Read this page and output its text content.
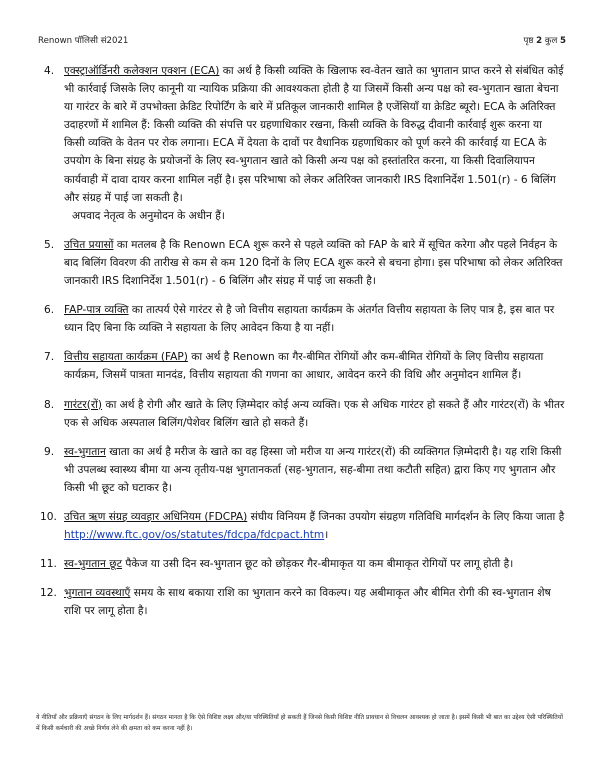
Renown पॉलिसी सं2021	पृष्ठ 2 कुल 5
4. एक्स्ट्राऑर्डिनरी कलेक्शन एक्शन (ECA) का अर्थ है किसी व्यक्ति के खिलाफ स्व-वेतन खाते का भुगतान प्राप्त करने से संबंधित कोई भी कार्रवाई जिसके लिए कानूनी या न्यायिक प्रक्रिया की आवश्यकता होती है या जिसमें किसी अन्य पक्ष को स्व-भुगतान खाता बेचना या गारंटर के बारे में उपभोक्ता क्रेडिट रिपोर्टिंग के बारे में प्रतिकूल जानकारी शामिल है एजेंसियाँ या क्रेडिट ब्यूरो। ECA के अतिरिक्त उदाहरणों में शामिल हैं: किसी व्यक्ति की संपत्ति पर ग्रहणाधिकार रखना, किसी व्यक्ति के विरुद्ध दीवानी कार्रवाई शुरू करना या किसी व्यक्ति के वेतन पर रोक लगाना। ECA में देयता के दावों पर वैधानिक ग्रहणाधिकार को पूर्ण करने की कार्रवाई या ECA के उपयोग के बिना संग्रह के प्रयोजनों के लिए स्व-भुगतान खाते को किसी अन्य पक्ष को हस्तांतरित करना, या किसी दिवालियापन कार्यवाही में दावा दायर करना शामिल नहीं है। इस परिभाषा को लेकर अतिरिक्त जानकारी IRS दिशानिर्देश 1.501(r) - 6 बिलिंग और संग्रह में पाई जा सकती है।
अपवाद नेतृत्व के अनुमोदन के अधीन हैं।
5. उचित प्रयासों का मतलब है कि Renown ECA शुरू करने से पहले व्यक्ति को FAP के बारे में सूचित करेगा और पहले निर्वहन के बाद बिलिंग विवरण की तारीख से कम से कम 120 दिनों के लिए ECA शुरू करने से बचना होगा। इस परिभाषा को लेकर अतिरिक्त जानकारी IRS दिशानिर्देश 1.501(r) - 6 बिलिंग और संग्रह में पाई जा सकती है।
6. FAP-पात्र व्यक्ति का तात्पर्य ऐसे गारंटर से है जो वित्तीय सहायता कार्यक्रम के अंतर्गत वित्तीय सहायता के लिए पात्र है, इस बात पर ध्यान दिए बिना कि व्यक्ति ने सहायता के लिए आवेदन किया है या नहीं।
7. वित्तीय सहायता कार्यक्रम (FAP) का अर्थ है Renown का गैर-बीमित रोगियों और कम-बीमित रोगियों के लिए वित्तीय सहायता कार्यक्रम, जिसमें पात्रता मानदंड, वित्तीय सहायता की गणना का आधार, आवेदन करने की विधि और अनुमोदन शामिल हैं।
8. गारंटर(रों) का अर्थ है रोगी और खाते के लिए ज़िम्मेदार कोई अन्य व्यक्ति। एक से अधिक गारंटर हो सकते हैं और गारंटर(रों) के भीतर एक से अधिक अस्पताल बिलिंग/पेशेवर बिलिंग खाते हो सकते हैं।
9. स्व-भुगतान खाता का अर्थ है मरीज के खाते का वह हिस्सा जो मरीज या अन्य गारंटर(रों) की व्यक्तिगत ज़िम्मेदारी है। यह राशि किसी भी उपलब्ध स्वास्थ्य बीमा या अन्य तृतीय-पक्ष भुगतानकर्ता (सह-भुगतान, सह-बीमा तथा कटौती सहित) द्वारा किए गए भुगतान और किसी भी छूट को घटाकर है।
10. उचित ऋण संग्रह व्यवहार अधिनियम (FDCPA) संघीय विनियम हैं जिनका उपयोग संग्रहण गतिविधि मार्गदर्शन के लिए किया जाता है http://www.ftc.gov/os/statutes/fdcpa/fdcpact.htm।
11. स्व-भुगतान छूट पैकेज या उसी दिन स्व-भुगतान छूट को छोड़कर गैर-बीमाकृत या कम बीमाकृत रोगियों पर लागू होती है।
12. भुगतान व्यवस्थाएँ समय के साथ बकाया राशि का भुगतान करने का विकल्प। यह अबीमाकृत और बीमित रोगी की स्व-भुगतान शेष राशि पर लागू होता है।
ये नीतियाँ और प्रक्रियाएँ संगठन के लिए मार्गदर्शन हैं। संगठन मानता है कि ऐसे विशिष्ट लक्ष्य और/या परिस्थितियाँ हो सकती हैं जिनसे किसी विशिष्ट नीति प्रावधान से विचलन आवश्यक हो जाता है। इसमें किसी भी बात का उद्देश्य ऐसी परिस्थितियों में किसी कर्मचारी की अच्छे निर्णय लेने की क्षमता को कम करना नहीं है।
